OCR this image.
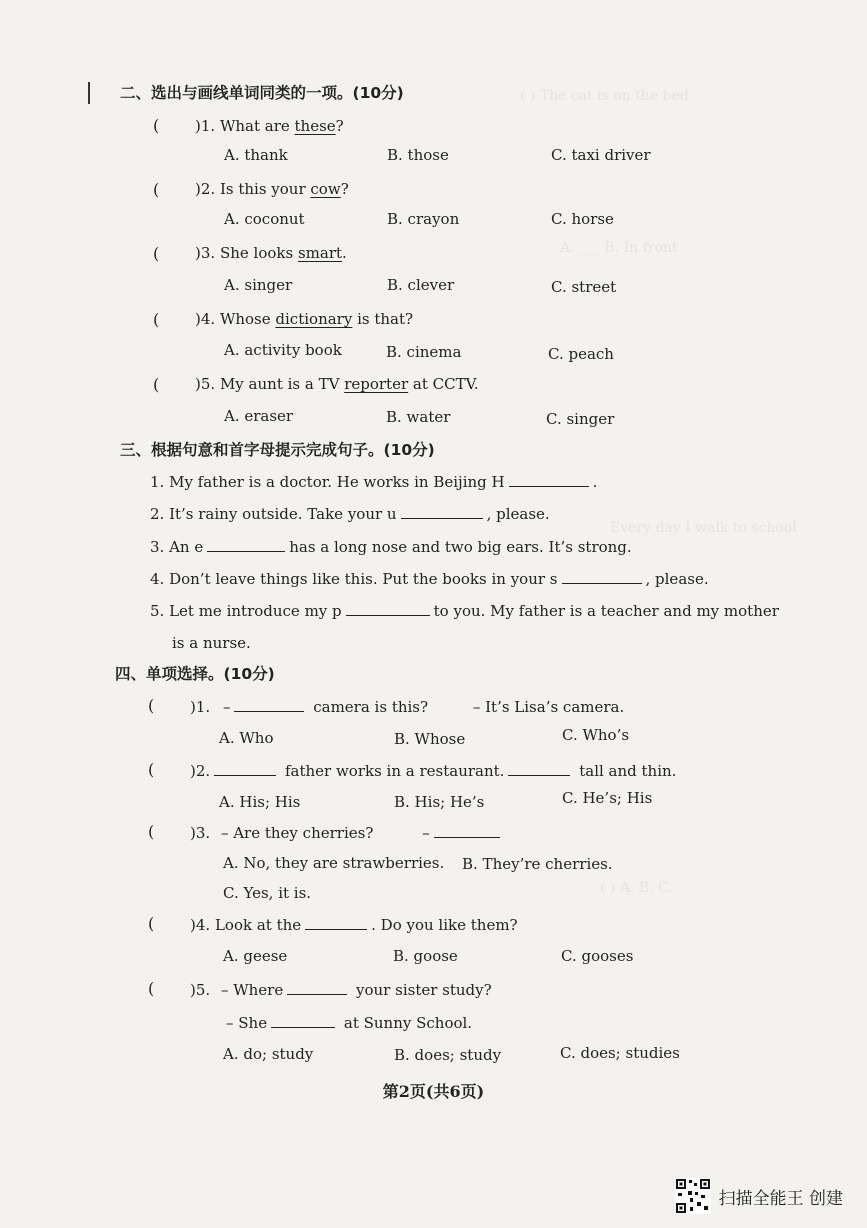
( ) The cat is on the bed
A. ___ B. In front
Every day I walk to school
( ) A. B. C.
二、选出与画线单词同类的一项。(10分)
( )1. What are these?
A. thank	B. those	C. taxi driver
( )2. Is this your cow?
A. coconut	B. crayon	C. horse
( )3. She looks smart.
A. singer	B. clever	C. street
( )4. Whose dictionary is that?
A. activity book	B. cinema	C. peach
( )5. My aunt is a TV reporter at CCTV.
A. eraser	B. water	C. singer
三、根据句意和首字母提示完成句子。(10分)
1. My father is a doctor. He works in Beijing H	.
2. It’s rainy outside. Take your u	, please.
3. An e	has a long nose and two big ears. It’s strong.
4. Don’t leave things like this. Put the books in your s	, please.
5. Let me introduce my p	to you. My father is a teacher and my mother
is a nurse.
四、单项选择。(10分)
( )1. –	camera is this?	– It’s Lisa’s camera.
A. Who	B. Whose	C. Who’s
( )2.	father works in a restaurant.	tall and thin.
A. His; His	B. His; He’s	C. He’s; His
( )3. – Are they cherries?	–
A. No, they are strawberries. B. They’re cherries.
C. Yes, it is.
( )4. Look at the	. Do you like them?
A. geese	B. goose	C. gooses
( )5. – Where	your sister study?
– She	at Sunny School.
A. do; study	B. does; study	C. does; studies
第2页(共6页)
扫描全能王 创建
